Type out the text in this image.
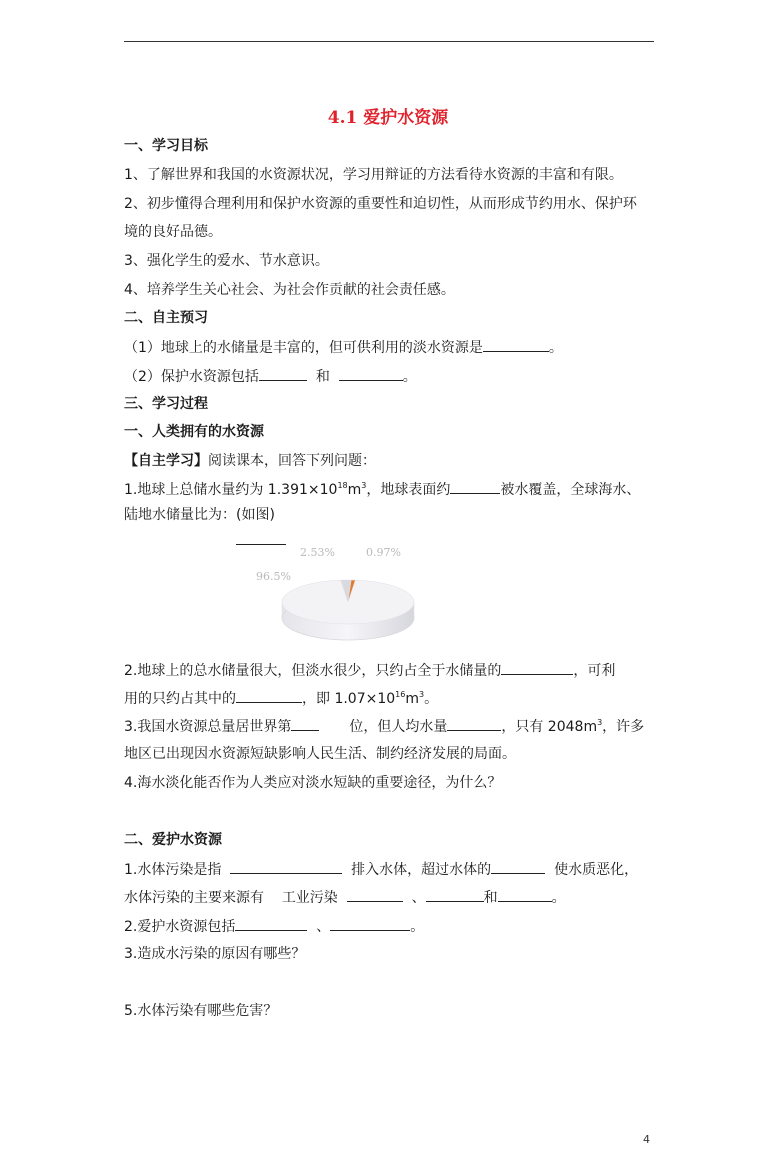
4.1 爱护水资源
一、学习目标
1、了解世界和我国的水资源状况，学习用辩证的方法看待水资源的丰富和有限。
2、初步懂得合理利用和保护水资源的重要性和迫切性，从而形成节约用水、保护环
境的良好品德。
3、强化学生的爱水、节水意识。
4、培养学生关心社会、为社会作贡献的社会责任感。
二、自主预习
（1）地球上的水储量是丰富的，但可供利用的淡水资源是	。
（2）保护水资源包括	和	。
三、学习过程
一、人类拥有的水资源
【自主学习】阅读课本，回答下列问题：
1.地球上总储水量约为 $1.391\times 10^{18}m^3$，地球表面约	被水覆盖，全球海水、
陆地水储量比为：(如图)
96.5%
2.53%	0.97%
2.地球上的总水储量很大，但淡水很少，只约占全于水储量的	，可利
用的只约占其中的	，即 $1.07\times 10^{16}m^3$。
3.我国水资源总量居世界第	位，但人均水量	，只有 $2048m^3$，许多
地区已出现因水资源短缺影响人民生活、制约经济发展的局面。
4.海水淡化能否作为人类应对淡水短缺的重要途径，为什么？
二、爱护水资源
1.水体污染是指	排入水体，超过水体的	使水质恶化，
水体污染的主要来源有 工业污染	、	和	。
2.爱护水资源包括	、	。
3.造成水污染的原因有哪些？
5.水体污染有哪些危害？
4
